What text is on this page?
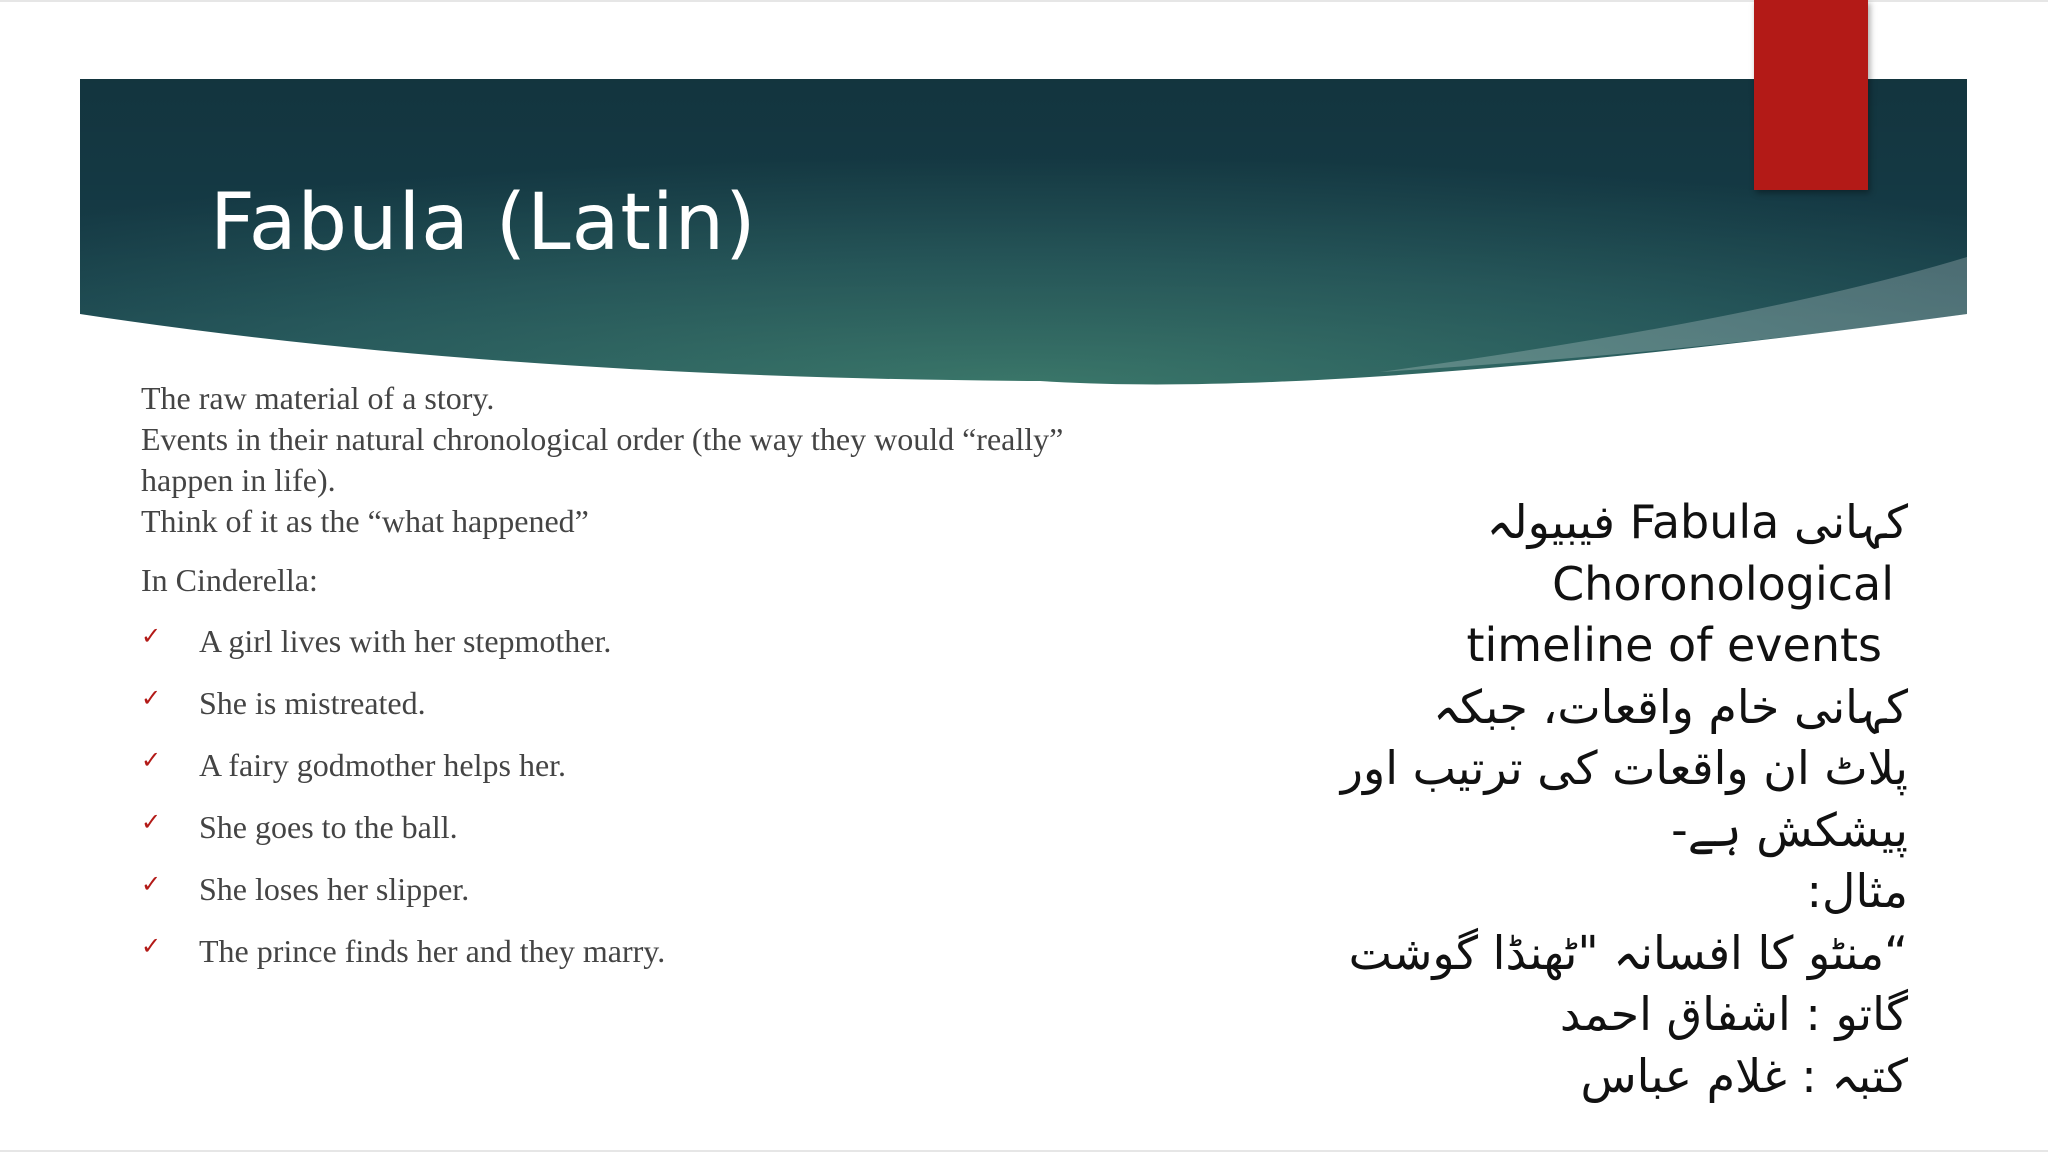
Fabula (Latin)
The raw material of a story.
Events in their natural chronological order (the way they would “really”
happen in life).
Think of it as the “what happened”
In Cinderella:
✓ A girl lives with her stepmother.
✓ She is mistreated.
✓ A fairy godmother helps her.
✓ She goes to the ball.
✓ She loses her slipper.
✓ The prince finds her and they marry.
کہانی Fabula فیبیولہ
Choronological
timeline of events
کہانی خام واقعات، جبکہ
پلاٹ ان واقعات کی ترتیب اور
پیشکش ہے-
مثال:
“منٹو کا افسانہ "ٹھنڈا گوشت
گاتو : اشفاق احمد
کتبہ : غلام عباس
